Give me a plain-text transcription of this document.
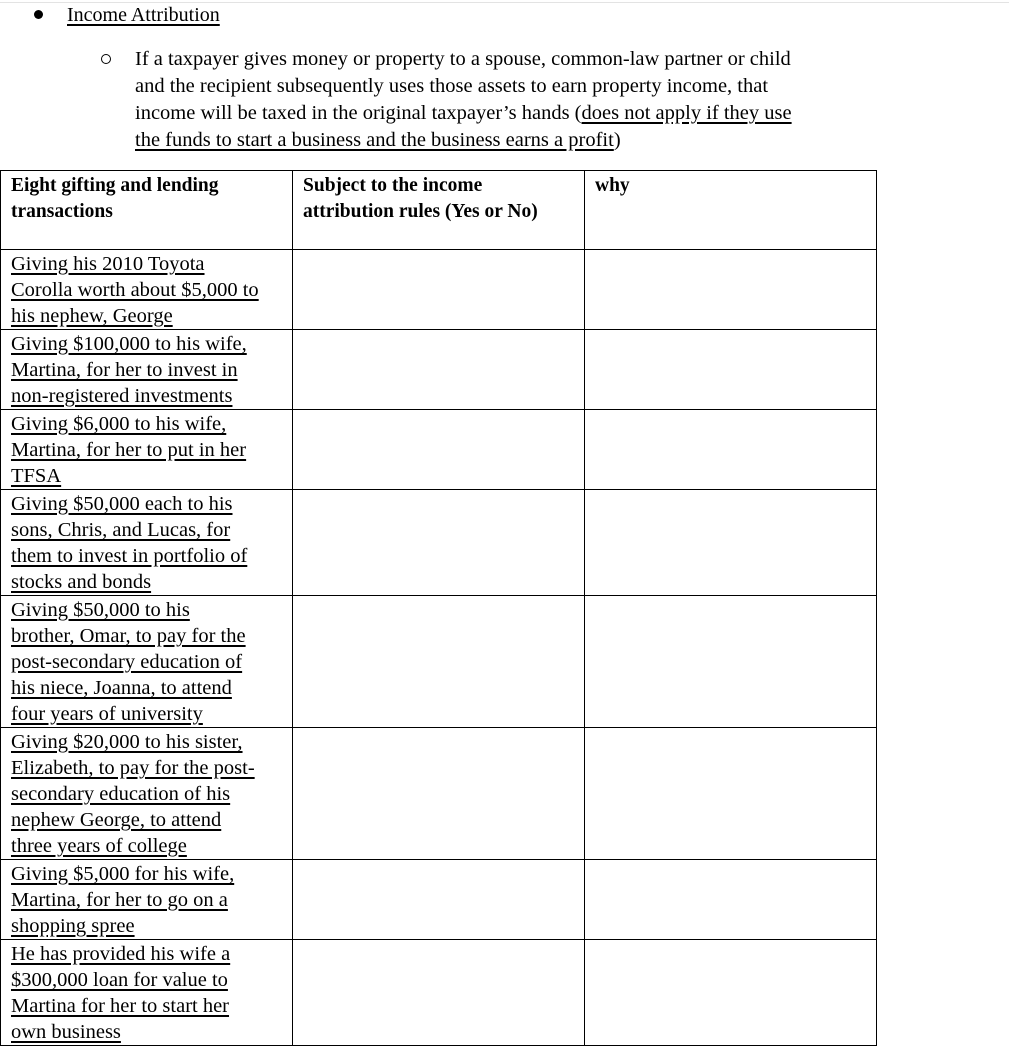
Income Attribution
If a taxpayer gives money or property to a spouse, common-law partner or child
and the recipient subsequently uses those assets to earn property income, that
income will be taxed in the original taxpayer’s hands (does not apply if they use
the funds to start a business and the business earns a profit)
Eight gifting and lending transactions	Subject to the income attribution rules (Yes or No)	why
Giving his 2010 Toyota
Corolla worth about $5,000 to
his nephew, George

Giving $100,000 to his wife,
Martina, for her to invest in
non-registered investments

Giving $6,000 to his wife,
Martina, for her to put in her
TFSA

Giving $50,000 each to his
sons, Chris, and Lucas, for
them to invest in portfolio of
stocks and bonds

Giving $50,000 to his
brother, Omar, to pay for the
post-secondary education of
his niece, Joanna, to attend
four years of university

Giving $20,000 to his sister,
Elizabeth, to pay for the post-
secondary education of his
nephew George, to attend
three years of college

Giving $5,000 for his wife,
Martina, for her to go on a
shopping spree

He has provided his wife a
$300,000 loan for value to
Martina for her to start her
own business
